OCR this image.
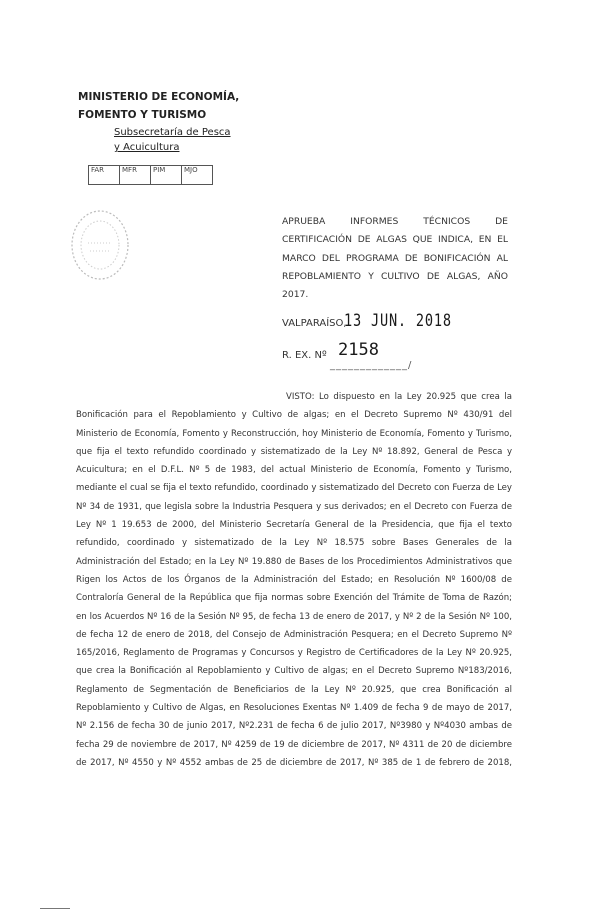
MINISTERIO DE ECONOMÍA,
FOMENTO Y TURISMO
Subsecretaría de Pesca
y Acuicultura
FAR	MFR	PIM	MJO
APRUEBA INFORMES TÉCNICOS DE CERTIFICACIÓN DE ALGAS QUE INDICA, EN EL MARCO DEL PROGRAMA DE BONIFICACIÓN AL REPOBLAMIENTO Y CULTIVO DE ALGAS, AÑO 2017.
VALPARAÍSO,
13 JUN. 2018
R. EX. Nº 2158
_____________/
VISTO: Lo dispuesto en la Ley 20.925 que crea la Bonificación para el Repoblamiento y Cultivo de algas; en el Decreto Supremo Nº 430/91 del Ministerio de Economía, Fomento y Reconstrucción, hoy Ministerio de Economía, Fomento y Turismo, que fija el texto refundido coordinado y sistematizado de la Ley Nº 18.892, General de Pesca y Acuicultura; en el D.F.L. Nº 5 de 1983, del actual Ministerio de Economía, Fomento y Turismo, mediante el cual se fija el texto refundido, coordinado y sistematizado del Decreto con Fuerza de Ley Nº 34 de 1931, que legisla sobre la Industria Pesquera y sus derivados; en el Decreto con Fuerza de Ley Nº 1 19.653 de 2000, del Ministerio Secretaría General de la Presidencia, que fija el texto refundido, coordinado y sistematizado de la Ley Nº 18.575 sobre Bases Generales de la Administración del Estado; en la Ley Nº 19.880 de Bases de los Procedimientos Administrativos que Rigen los Actos de los Órganos de la Administración del Estado; en Resolución Nº 1600/08 de Contraloría General de la República que fija normas sobre Exención del Trámite de Toma de Razón; en los Acuerdos Nº 16 de la Sesión Nº 95, de fecha 13 de enero de 2017, y Nº 2 de la Sesión Nº 100, de fecha 12 de enero de 2018, del Consejo de Administración Pesquera; en el Decreto Supremo Nº 165/2016, Reglamento de Programas y Concursos y Registro de Certificadores de la Ley Nº 20.925, que crea la Bonificación al Repoblamiento y Cultivo de algas; en el Decreto Supremo Nº183/2016, Reglamento de Segmentación de Beneficiarios de la Ley Nº 20.925, que crea Bonificación al Repoblamiento y Cultivo de Algas, en Resoluciones Exentas Nº 1.409 de fecha 9 de mayo de 2017, Nº 2.156 de fecha 30 de junio 2017, Nº2.231 de fecha 6 de julio 2017, Nº3980 y Nº4030 ambas de fecha 29 de noviembre de 2017, Nº 4259 de 19 de diciembre de 2017, Nº 4311 de 20 de diciembre de 2017, Nº 4550 y Nº 4552 ambas de 25 de diciembre de 2017, Nº 385 de 1 de febrero de 2018,
